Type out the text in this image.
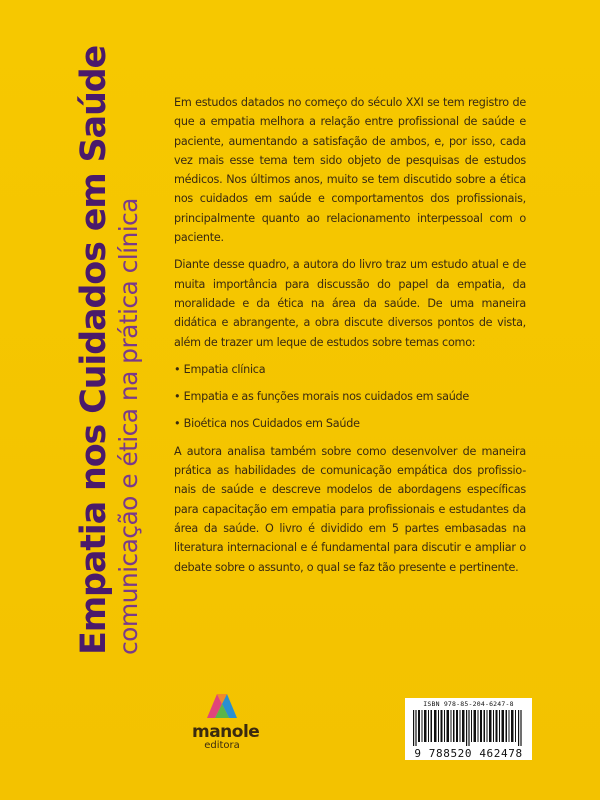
Empatia nos Cuidados em Saúde comunicação e ética na prática clínica

Em estudos datados no começo do século XXI se tem registro de que a empatia melhora a relação entre profissional de saúde e paciente, aumentando a satisfação de ambos, e, por isso, cada vez mais esse tema tem sido objeto de pesquisas de estudos médicos. Nos últimos anos, muito se tem discutido sobre a ética nos cuidados em saúde e comportamentos dos profissionais, principalmente quanto ao relacionamento interpessoal com o paciente.

Diante desse quadro, a autora do livro traz um estudo atual e de muita importância para discussão do papel da empatia, da moralidade e da ética na área da saúde. De uma maneira didática e abrangente, a obra discute diversos pontos de vista, além de trazer um leque de estudos sobre temas como:

• Empatia clínica
• Empatia e as funções morais nos cuidados em saúde
• Bioética nos Cuidados em Saúde

A autora analisa também sobre como desenvolver de maneira prática as habilidades de comunicação empática dos profissio-nais de saúde e descreve modelos de abordagens específicas para capacitação em empatia para profissionais e estudantes da área da saúde. O livro é dividido em 5 partes embasadas na literatura internacional e é fundamental para discutir e ampliar o debate sobre o assunto, o qual se faz tão presente e pertinente.

manole
editora
ISBN 978-85-204-6247-8
9 788520 462478
